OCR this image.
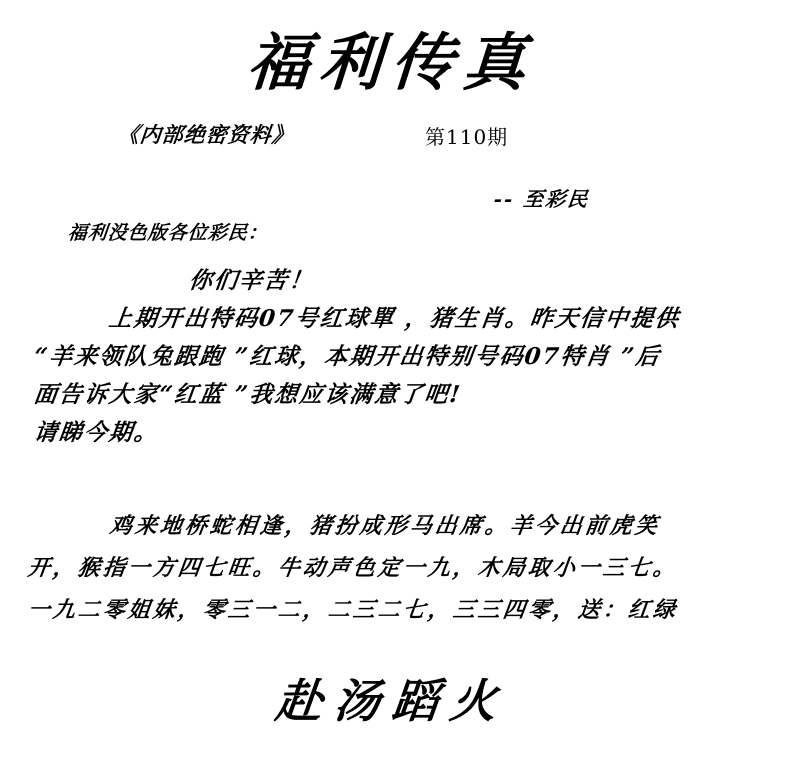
福利传真
《内部绝密资料》	第110期
-- 至彩民
福利没色版各位彩民：
你们辛苦！
上期开出特码07号红球單 ，猪生肖。昨天信中提供
“羊来领队兔跟跑 ”红球，本期开出特别号码07特肖 ”后
面告诉大家“红蓝 ”我想应该满意了吧!
请睇今期。
鸡来地桥蛇相逢，猪扮成形马出席。羊今出前虎笑
开，猴指一方四七旺。牛动声色定一九，木局取小一三七。
一九二零姐妹，零三一二，二三二七，三三四零，送：红绿
赴汤蹈火
